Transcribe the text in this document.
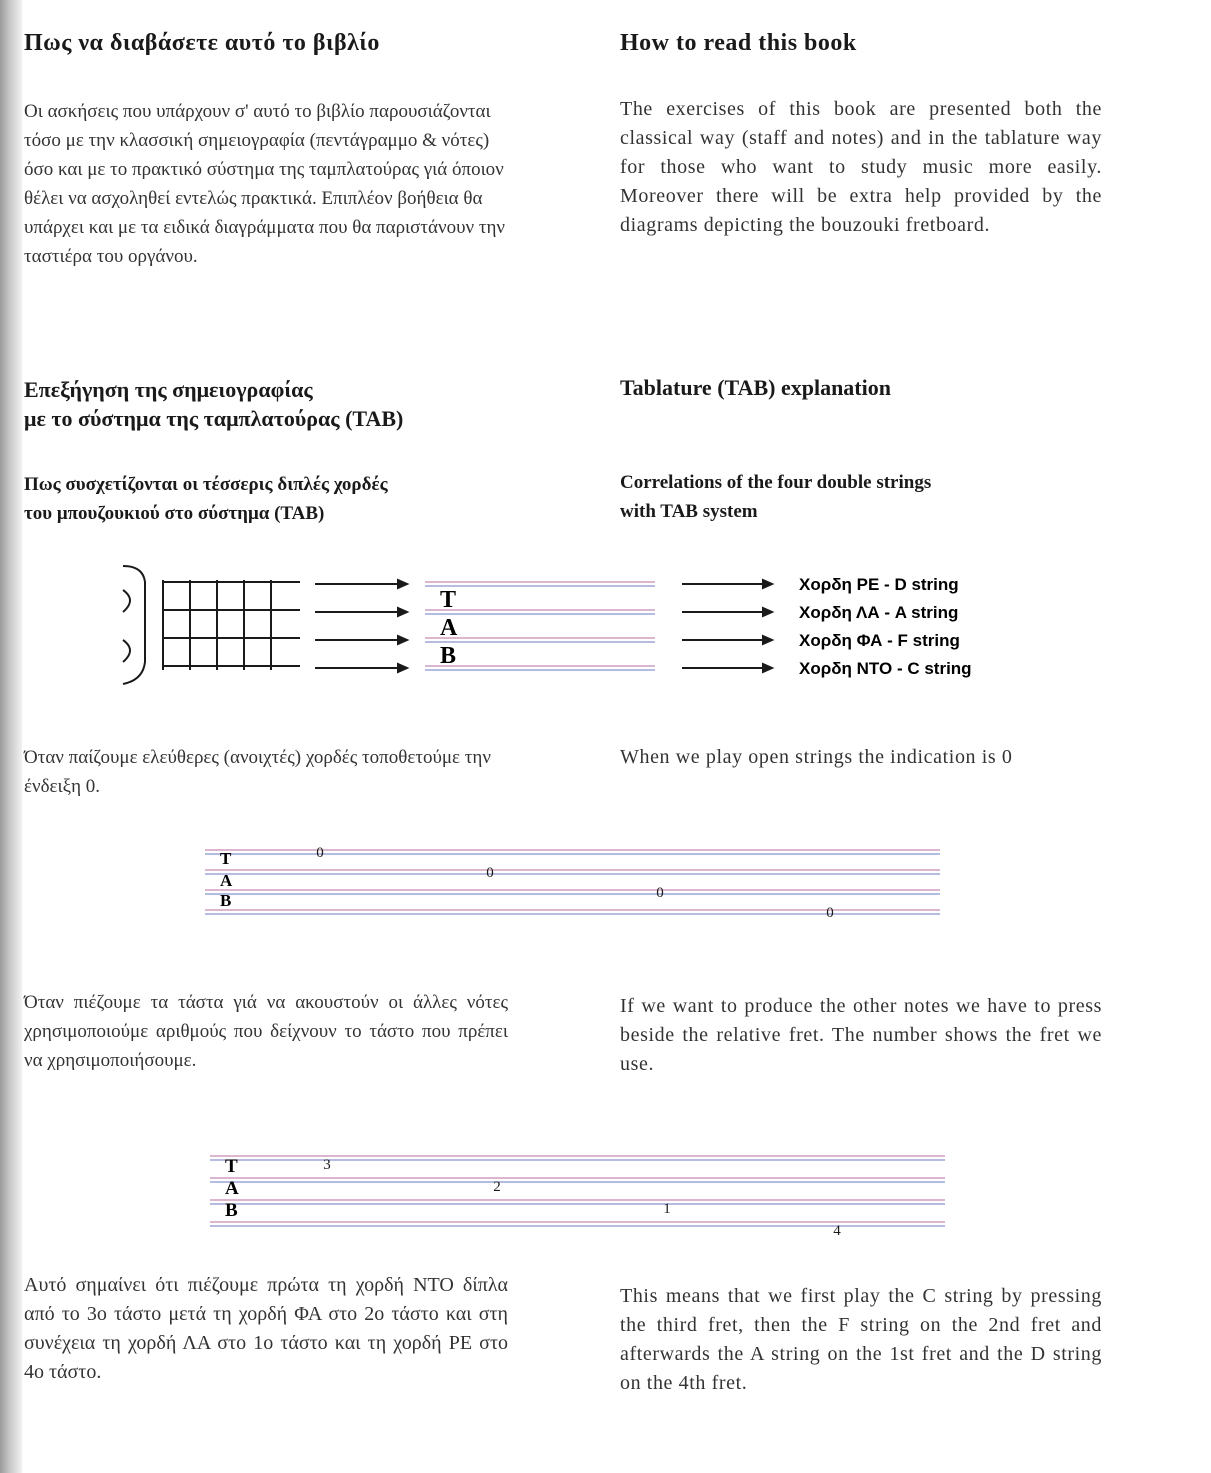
Πως να διαβάσετε αυτό το βιβλίο	How to read this book

Οι ασκήσεις που υπάρχουν σ' αυτό το βιβλίο παρουσιάζονται τόσο με την κλασσική σημειογραφία (πεντάγραμμο & νότες) όσο και με το πρακτικό σύστημα της ταμπλατούρας γιά όποιον θέλει να ασχοληθεί εντελώς πρακτικά. Επιπλέον βοήθεια θα υπάρχει και με τα ειδικά διαγράμματα που θα παριστάνουν την ταστιέρα του οργάνου.

The exercises of this book are presented both the classical way (staff and notes) and in the tablature way for those who want to study music more easily. Moreover there will be extra help provided by the diagrams depicting the bouzouki fretboard.

Επεξήγηση της σημειογραφίας
με το σύστημα της ταμπλατούρας (TAB)
Tablature (TAB) explanation
Πως συσχετίζονται οι τέσσερις διπλές χορδές
του μπουζουκιού στο σύστημα (TAB)
Correlations of the four double strings
with TAB system
T
A
B
Χορδη ΡΕ - D string
Χορδη ΛΑ - A string
Χορδη ΦΑ - F string
Χορδη ΝΤΟ - C string

Όταν παίζουμε ελεύθερες (ανοιχτές) χορδές τοποθετούμε την ένδειξη 0.

When we play open strings the indication is 0

T
A
B
0
0
0
0

Όταν πιέζουμε τα τάστα γιά να ακουστούν οι άλλες νότες χρησιμοποιούμε αριθμούς που δείχνουν το τάστο που πρέπει να χρησιμοποιήσουμε.

If we want to produce the other notes we have to press beside the relative fret. The number shows the fret we use.

T
A
B
3
2
1
4

Αυτό σημαίνει ότι πιέζουμε πρώτα τη χορδή ΝΤΟ δίπλα από το 3ο τάστο μετά τη χορδή ΦΑ στο 2ο τάστο και στη συνέχεια τη χορδή ΛΑ στο 1ο τάστο και τη χορδή ΡΕ στο 4ο τάστο.

This means that we first play the C string by pressing the third fret, then the F string on the 2nd fret and afterwards the A string on the 1st fret and the D string on the 4th fret.
